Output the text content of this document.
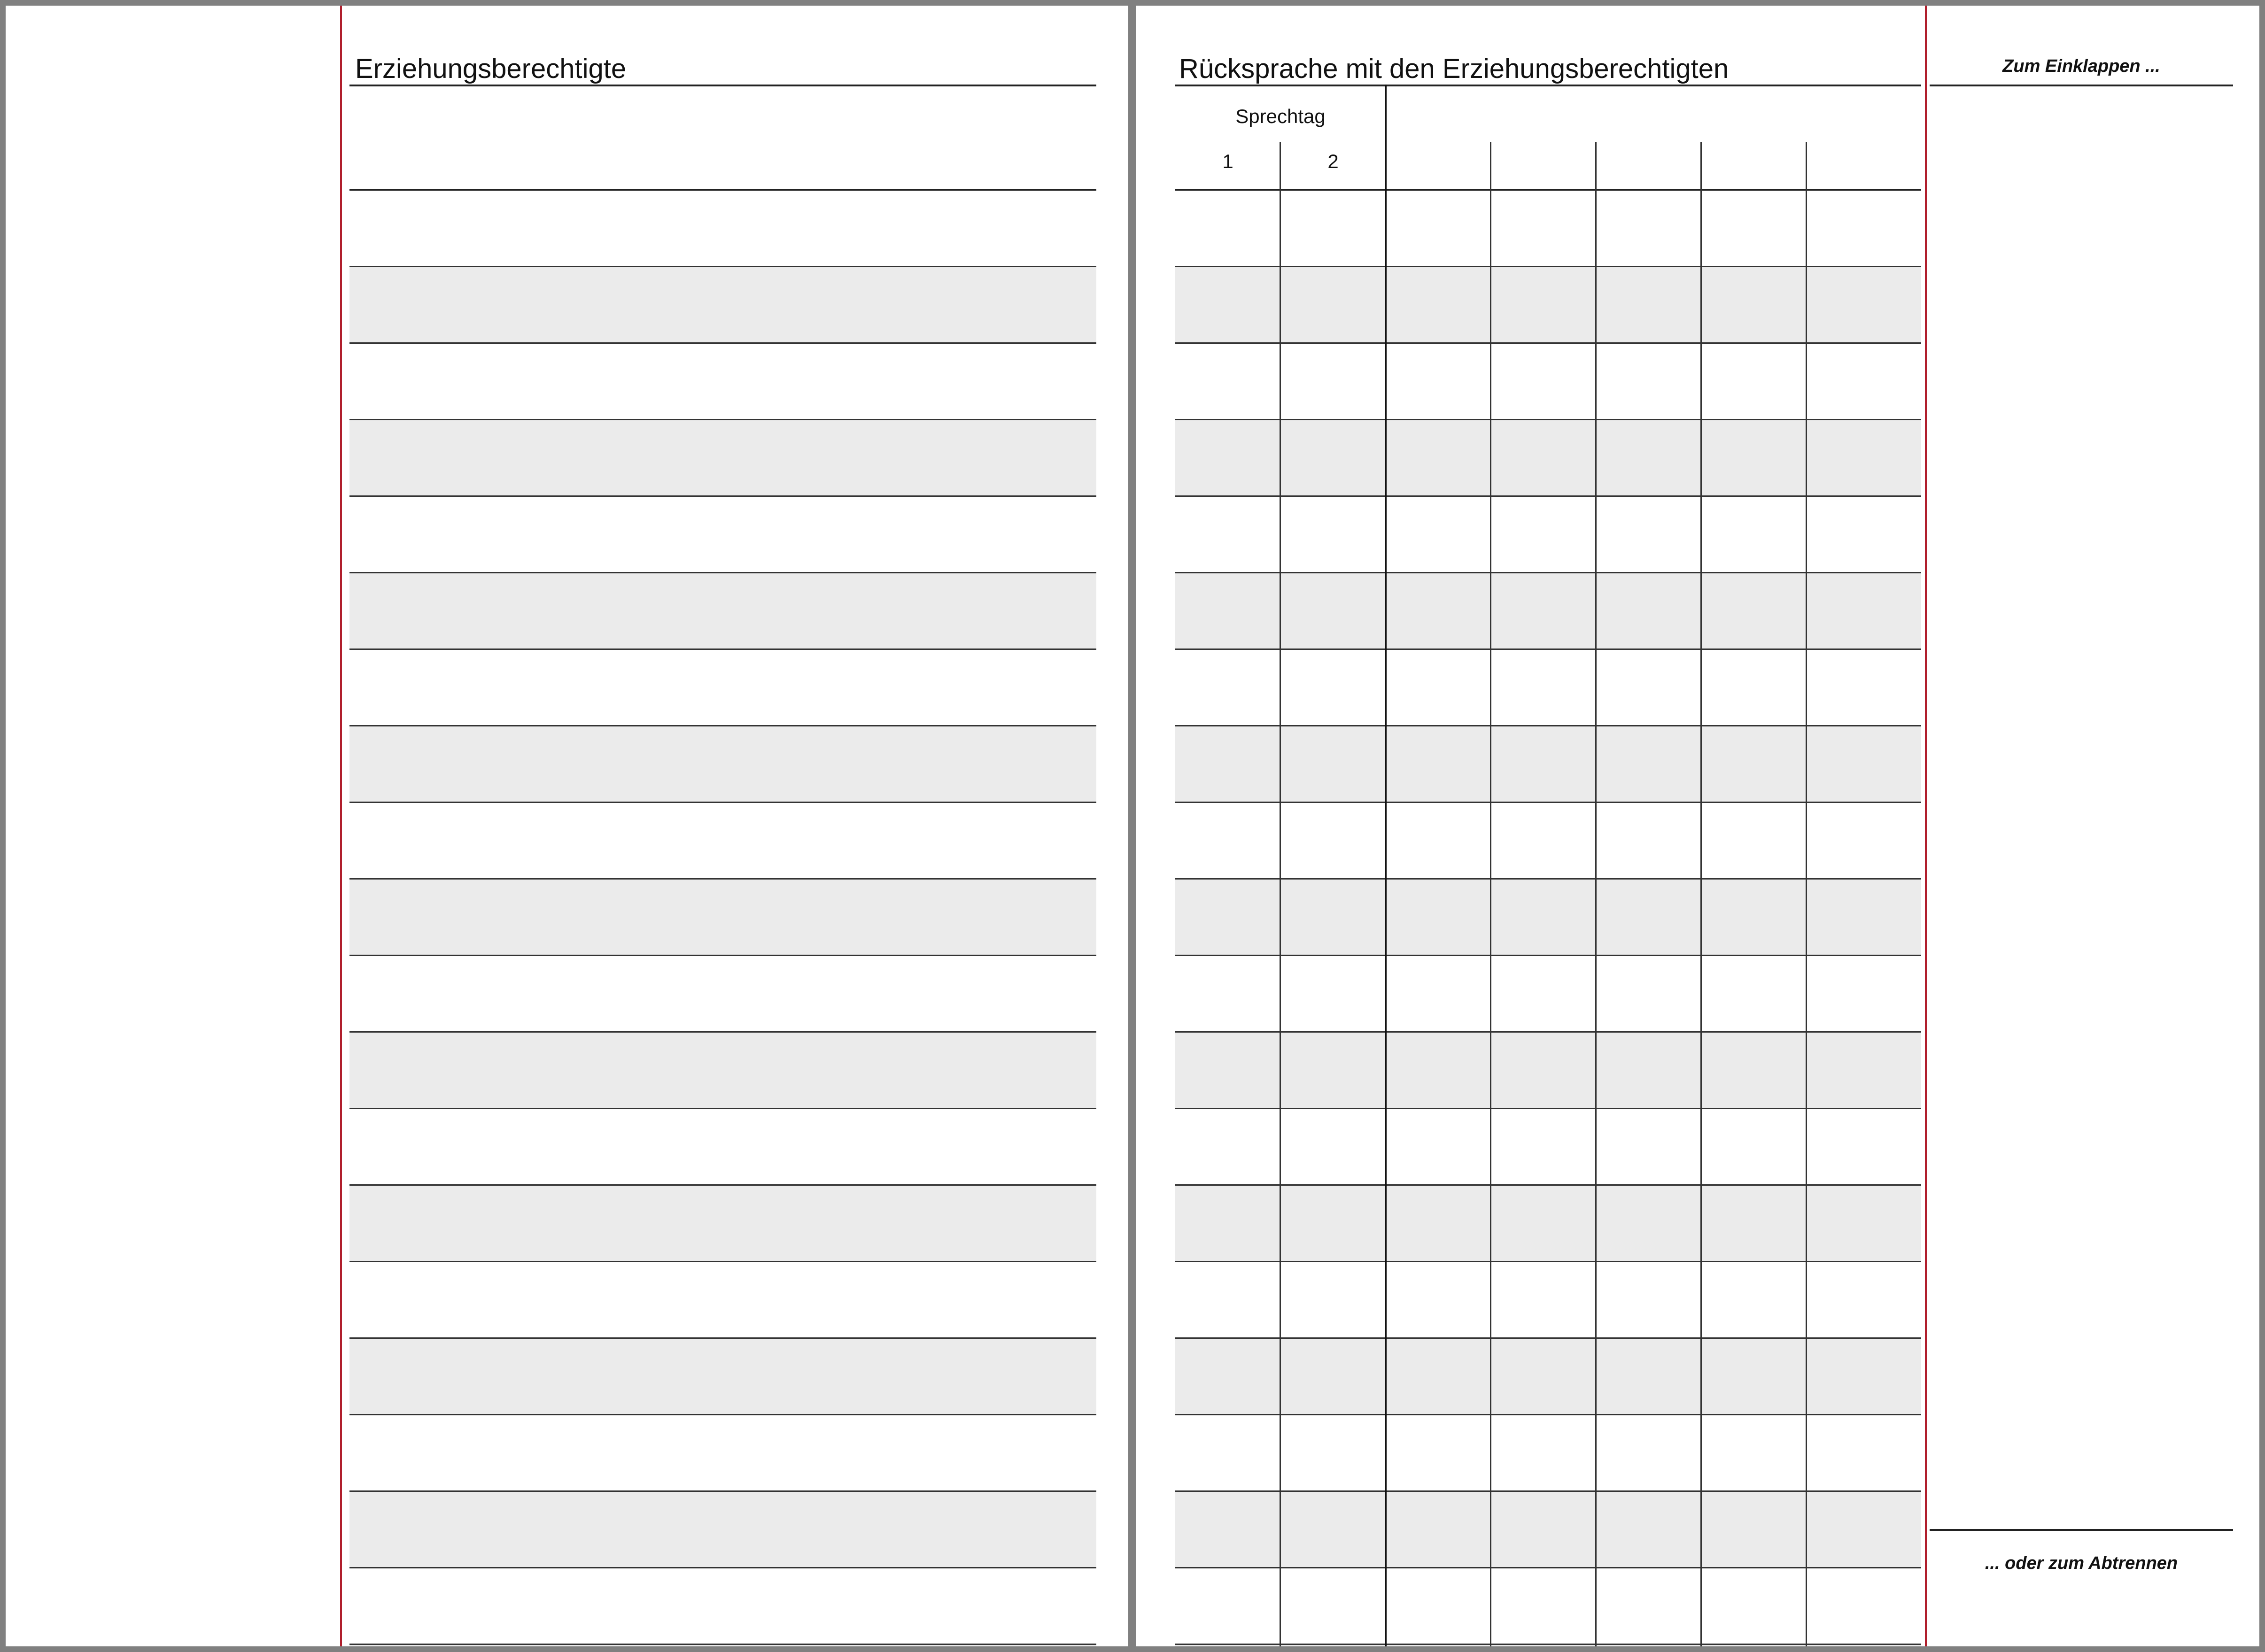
Erziehungsberechtigte	Rücksprache mit den Erziehungsberechtigten
Sprechtag
1	2
Zum Einklappen ...
... oder zum Abtrennen
